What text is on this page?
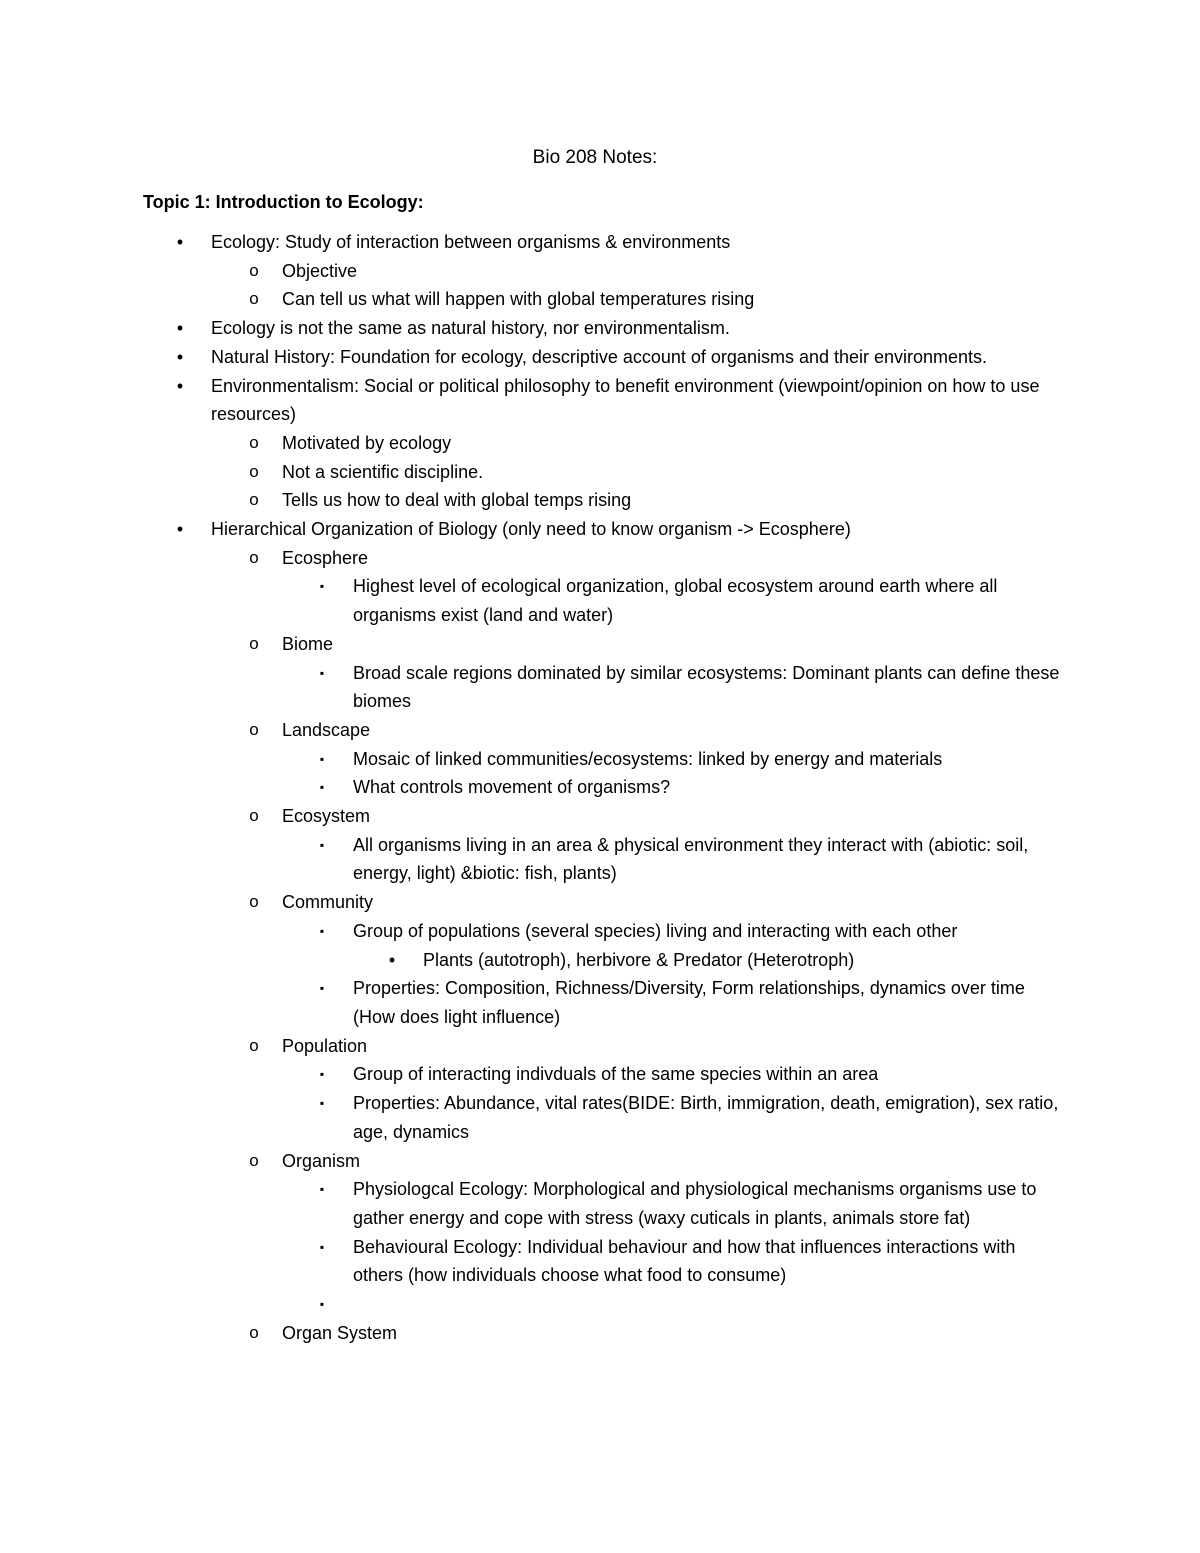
Bio 208 Notes:
Topic 1: Introduction to Ecology:
•	Ecology: Study of interaction between organisms & environments
o Objective
o Can tell us what will happen with global temperatures rising
•	Ecology is not the same as natural history, nor environmentalism.
•	Natural History: Foundation for ecology, descriptive account of organisms and their environments.
•	Environmentalism: Social or political philosophy to benefit environment (viewpoint/opinion on how to use resources)
o Motivated by ecology
o Not a scientific discipline.
o Tells us how to deal with global temps rising
•	Hierarchical Organization of Biology (only need to know organism -> Ecosphere)
o Ecosphere
▪	Highest level of ecological organization, global ecosystem around earth where all organisms exist (land and water)
o Biome
▪	Broad scale regions dominated by similar ecosystems: Dominant plants can define these biomes
o Landscape
▪	Mosaic of linked communities/ecosystems: linked by energy and materials
▪	What controls movement of organisms?
o Ecosystem
▪	All organisms living in an area & physical environment they interact with (abiotic: soil, energy, light) &biotic: fish, plants)
o Community
▪	Group of populations (several species) living and interacting with each other
•	Plants (autotroph), herbivore & Predator (Heterotroph)
▪	Properties: Composition, Richness/Diversity, Form relationships, dynamics over time (How does light influence)
o Population
▪	Group of interacting indivduals of the same species within an area
▪	Properties: Abundance, vital rates(BIDE: Birth, immigration, death, emigration), sex ratio, age, dynamics
o Organism
▪	Physiologcal Ecology: Morphological and physiological mechanisms organisms use to gather energy and cope with stress (waxy cuticals in plants, animals store fat)
▪	Behavioural Ecology: Individual behaviour and how that influences interactions with others (how individuals choose what food to consume)
▪

o Organ System
